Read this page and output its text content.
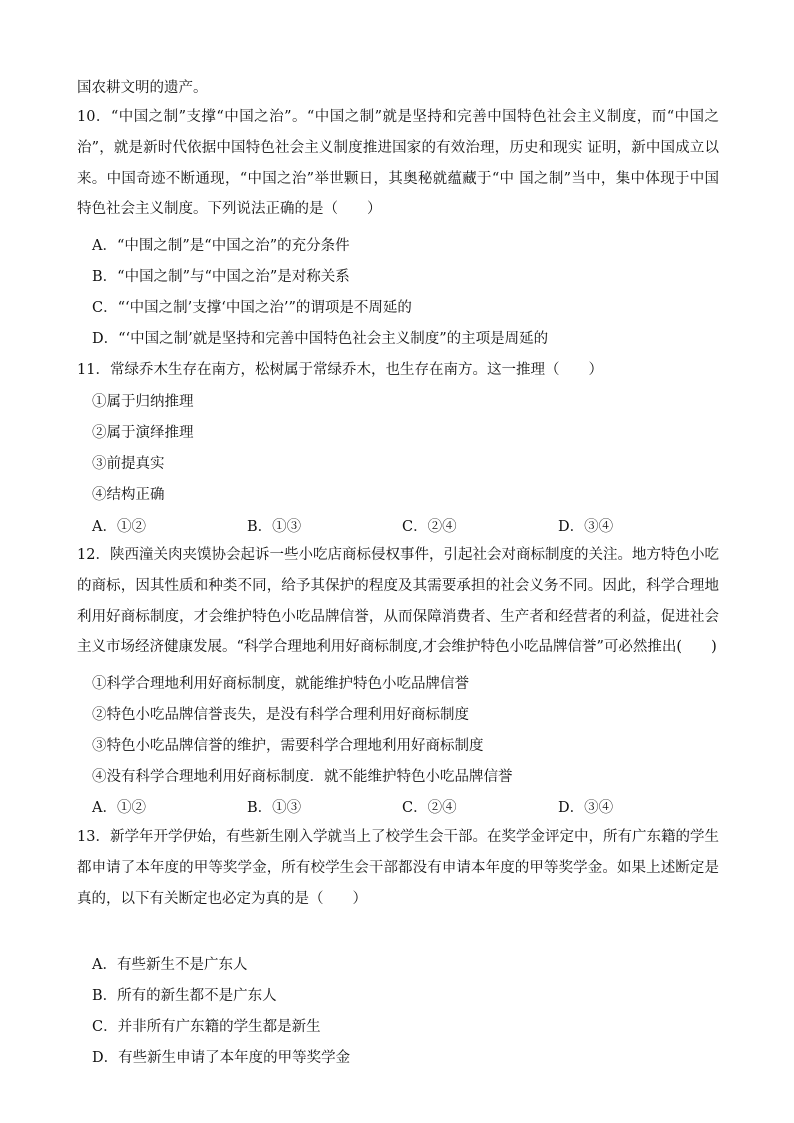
国农耕文明的遗产。
10．“中国之制”支撑“中国之治”。“中国之制”就是坚持和完善中国特色社会主义制度，而“中国之治”，就是新时代依据中国特色社会主义制度推进国家的有效治理，历史和现实 证明，新中国成立以来。中国奇迹不断通现，“中国之治”举世颗日，其奥秘就蕴藏于“中 国之制”当中，集中体现于中国特色社会主义制度。下列说法正确的是（　　）
A．“中围之制”是“中国之治”的充分条件
B．“中国之制”与“中国之治”是对称关系
C．“‘中国之制’支撑‘中国之治’”的谓项是不周延的
D．“‘中国之制’就是坚持和完善中国特色社会主义制度”的主项是周延的
11．常绿乔木生存在南方，松树属于常绿乔木，也生存在南方。这一推理（　　）
①属于归纳推理
②属于演绎推理
③前提真实
④结构正确
A．①②	B．①③	C．②④	D．③④
12．陕西潼关肉夹馍协会起诉一些小吃店商标侵权事件，引起社会对商标制度的关注。地方特色小吃的商标，因其性质和种类不同，给予其保护的程度及其需要承担的社会义务不同。因此，科学合理地利用好商标制度，才会维护特色小吃品牌信誉，从而保障消费者、生产者和经营者的利益，促进社会主义市场经济健康发展。“科学合理地利用好商标制度,才会维护特色小吃品牌信誉”可必然推出(　　)
①科学合理地利用好商标制度，就能维护特色小吃品牌信誉
②特色小吃品牌信誉丧失，是没有科学合理利用好商标制度
③特色小吃品牌信誉的维护，需要科学合理地利用好商标制度
④没有科学合理地利用好商标制度．就不能维护特色小吃品牌信誉
A．①②	B．①③	C．②④	D．③④
13．新学年开学伊始，有些新生刚入学就当上了校学生会干部。在奖学金评定中，所有广东籍的学生都申请了本年度的甲等奖学金，所有校学生会干部都没有申请本年度的甲等奖学金。如果上述断定是真的，以下有关断定也必定为真的是（　　）
A．有些新生不是广东人
B．所有的新生都不是广东人
C．并非所有广东籍的学生都是新生
D．有些新生申请了本年度的甲等奖学金
